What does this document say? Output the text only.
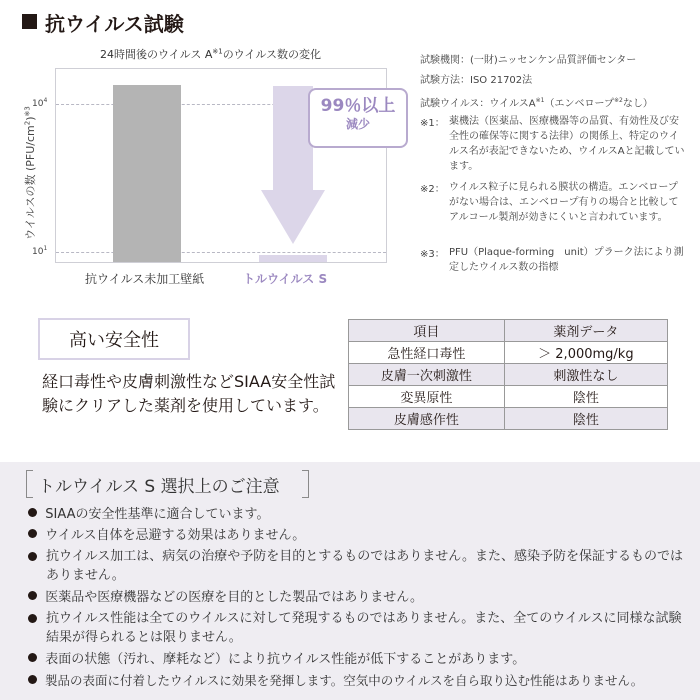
抗ウイルス試験
24時間後のウイルス $A^{※1}$のウイルス数の変化
$10^4$
$10^1$
ウイルスの数 $(PFU/cm^2)^{※3}$	99％以上
減少
抗ウイルス未加工壁紙	トルウイルス S
試験機関：(一財)ニッセンケン品質評価センター
試験方法：ISO 21702法
試験ウイルス：ウイルス$A^{※1}$（エンベロープ$^{※2}$なし）
※1： 薬機法（医薬品、医療機器等の品質、有効性及び安全性の確保等に関する法律）の関係上、特定のウイルス名が表記できないため、ウイルスAと記載しています。
※2： ウイルス粒子に見られる膜状の構造。エンベロープがない場合は、エンベロープ有りの場合と比較してアルコール製剤が効きにくいと言われています。
※3： PFU（Plaque-forming　unit）プラーク法により測定したウイルス数の指標
高い安全性
経口毒性や皮膚刺激性などSIAA安全性試験にクリアした薬剤を使用しています。
項目	薬剤データ
急性経口毒性	＞ 2,000mg/kg
皮膚一次刺激性	刺激性なし
変異原性	陰性
皮膚感作性	陰性
トルウイルス S 選択上のご注意
SIAAの安全性基準に適合しています。
ウイルス自体を忌避する効果はありません。
抗ウイルス加工は、病気の治療や予防を目的とするものではありません。また、感染予防を保証するものではありません。
医薬品や医療機器などの医療を目的とした製品ではありません。
抗ウイルス性能は全てのウイルスに対して発現するものではありません。また、全てのウイルスに同様な試験結果が得られるとは限りません。
表面の状態（汚れ、摩耗など）により抗ウイルス性能が低下することがあります。
製品の表面に付着したウイルスに効果を発揮します。空気中のウイルスを自ら取り込む性能はありません。
